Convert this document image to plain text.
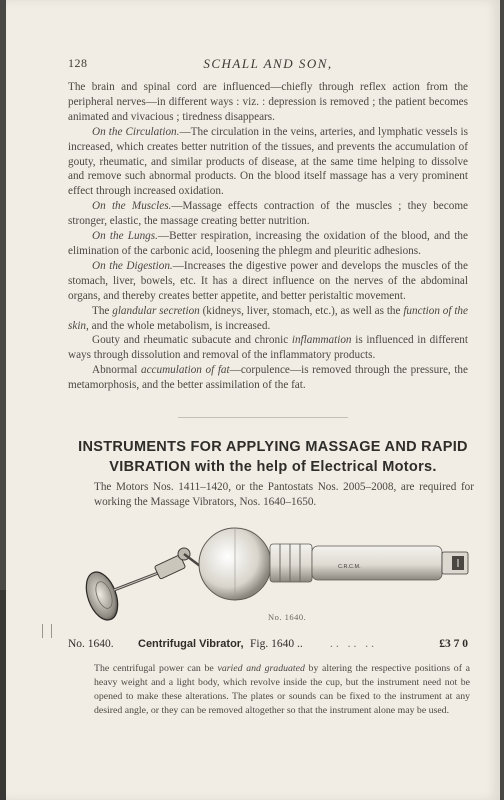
128	SCHALL AND SON,

The brain and spinal cord are influenced—chiefly through reflex action from the peripheral nerves—in different ways : viz. : depression is removed ; the patient becomes animated and vivacious ; tiredness disappears.

On the Circulation.—The circulation in the veins, arteries, and lymphatic vessels is increased, which creates better nutrition of the tissues, and prevents the accumulation of gouty, rheumatic, and similar products of disease, at the same time helping to dissolve and remove such abnormal products. On the blood itself massage has a very prominent effect through increased oxidation.

On the Muscles.—Massage effects contraction of the muscles ; they become stronger, elastic, the massage creating better nutrition.

On the Lungs.—Better respiration, increasing the oxidation of the blood, and the elimination of the carbonic acid, loosening the phlegm and pleuritic adhesions.

On the Digestion.—Increases the digestive power and develops the muscles of the stomach, liver, bowels, etc. It has a direct influence on the nerves of the abdominal organs, and thereby creates better appetite, and better peristaltic movement.

The glandular secretion (kidneys, liver, stomach, etc.), as well as the function of the skin, and the whole metabolism, is increased.

Gouty and rheumatic subacute and chronic inflammation is influenced in different ways through dissolution and removal of the inflammatory products.

Abnormal accumulation of fat—corpulence—is removed through the pressure, the metamorphosis, and the better assimilation of the fat.

INSTRUMENTS FOR APPLYING MASSAGE AND RAPID
VIBRATION with the help of Electrical Motors.
The Motors Nos. 1411–1420, or the Pantostats Nos. 2005–2008, are required for working the Massage Vibrators, Nos. 1640–1650.
C.R.C.M.
No. 1640.
No. 1640. Centrifugal Vibrator, Fig. 1640 .. .. .. ..	£3 7 0

The centrifugal power can be varied and graduated by altering the respective positions of a heavy weight and a light body, which revolve inside the cup, but the instrument need not be opened to make these alterations. The plates or sounds can be fixed to the instrument at any desired angle, or they can be removed altogether so that the instrument alone may be used.
